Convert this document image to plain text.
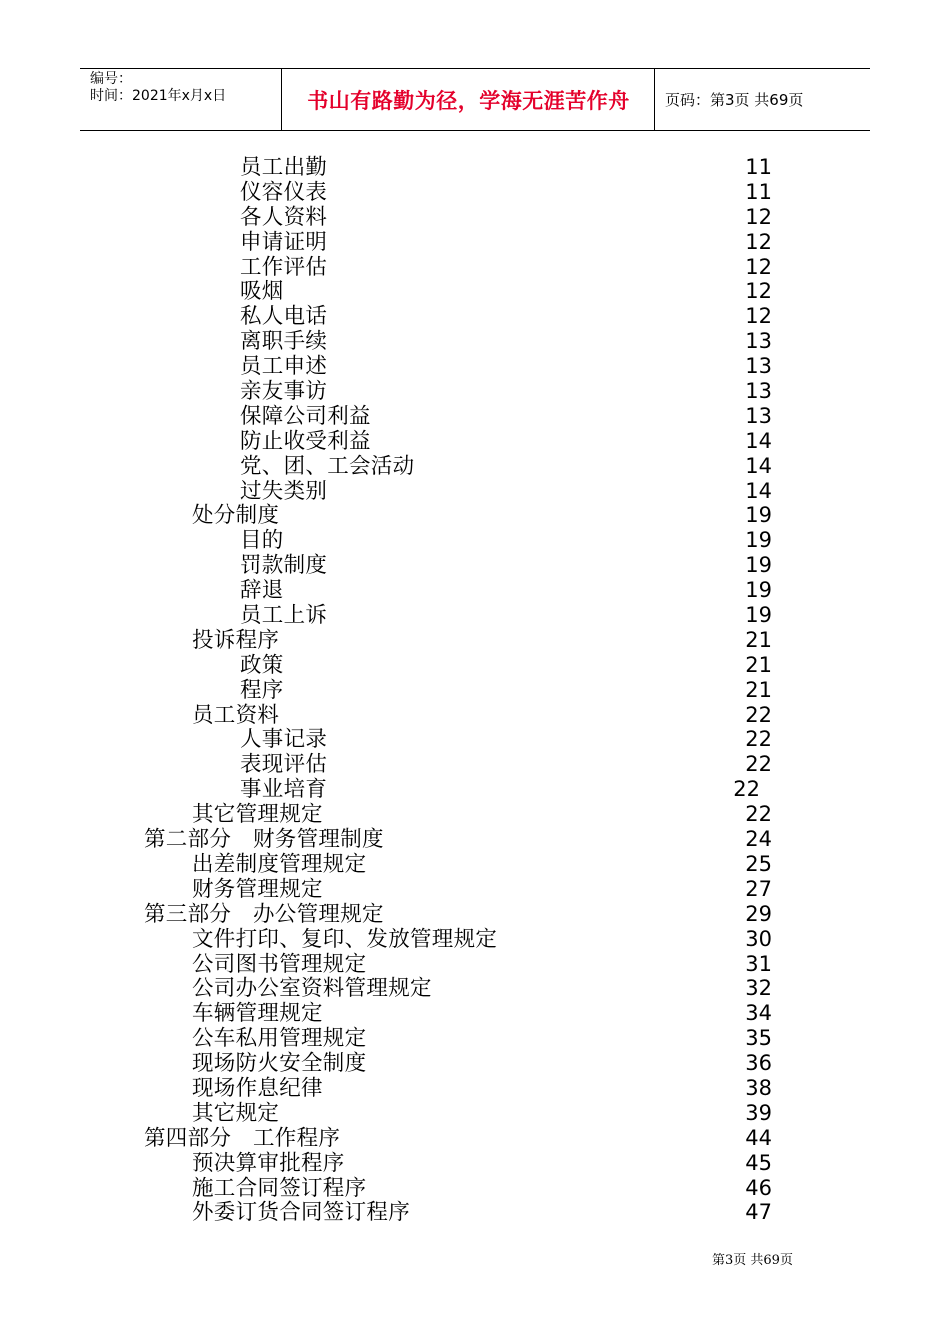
编号：
时间：2021年x月x日	书山有路勤为径，学海无涯苦作舟	页码：第3页 共69页
员工出勤	11
仪容仪表	11
各人资料	12
申请证明	12
工作评估	12
吸烟	12
私人电话	12
离职手续	13
员工申述	13
亲友事访	13
保障公司利益	13
防止收受利益	14
党、团、工会活动	14
过失类别	14
处分制度	19
目的	19
罚款制度	19
辞退	19
员工上诉	19
投诉程序	21
政策	21
程序	21
员工资料	22
人事记录	22
表现评估	22
事业培育	22
其它管理规定	22
第二部分　财务管理制度	24
出差制度管理规定	25
财务管理规定	27
第三部分　办公管理规定	29
文件打印、复印、发放管理规定	30
公司图书管理规定	31
公司办公室资料管理规定	32
车辆管理规定	34
公车私用管理规定	35
现场防火安全制度	36
现场作息纪律	38
其它规定	39
第四部分　工作程序	44
预决算审批程序	45
施工合同签订程序	46
外委订货合同签订程序	47
第3页 共69页
